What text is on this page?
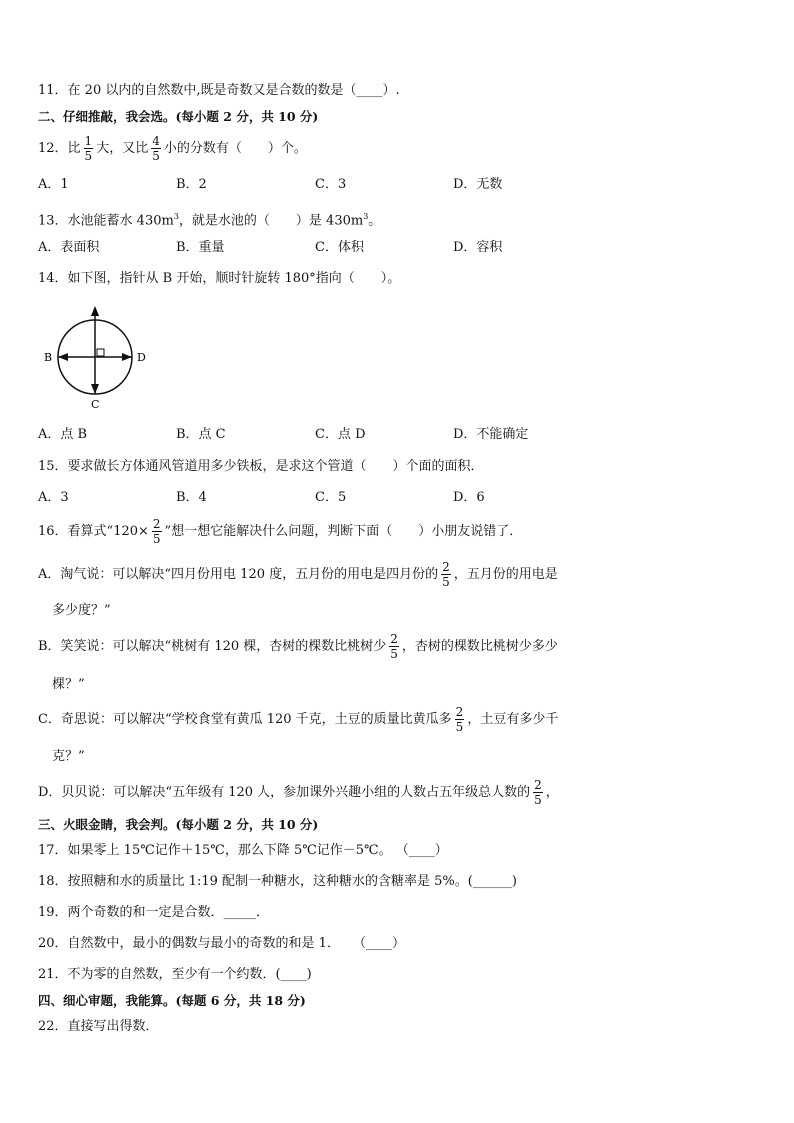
11．在 20 以内的自然数中,既是奇数又是合数的数是（____）.
二、仔细推敲，我会选。(每小题 2 分，共 10 分)
12．比 $\frac{1}{5}$ 大，又比 $\frac{4}{5}$ 小的分数有（　　）个。
A．1	B．2	C．3	D．无数
13．水池能蓄水 $430m^3$，就是水池的（　　）是 $430m^3$。
A．表面积	B．重量	C．体积	D．容积
14．如下图，指针从 B 开始，顺时针旋转 180°指向（　　）。
A
B
C
D
A．点 B	B．点 C	C．点 D	D．不能确定
15．要求做长方体通风管道用多少铁板，是求这个管道（　　）个面的面积．
A．3	B．4	C．5	D．6
16．看算式“$120\times \frac{2}{5}$ ”想一想它能解决什么问题，判断下面（　　）小朋友说错了．
A．淘气说：可以解决“四月份用电 120 度，五月份的用电是四月份的 $\frac{2}{5}$ ，五月份的用电是
多少度？”
B．笑笑说：可以解决“桃树有 120 棵，杏树的棵数比桃树少 $\frac{2}{5}$ ，杏树的棵数比桃树少多少
棵？”
C．奇思说：可以解决“学校食堂有黄瓜 120 千克，土豆的质量比黄瓜多 $\frac{2}{5}$ ，土豆有多少千
克？”
D．贝贝说：可以解决“五年级有 120 人，参加课外兴趣小组的人数占五年级总人数的 $\frac{2}{5}$ ，
三、火眼金睛，我会判。(每小题 2 分，共 10 分)
17．如果零上 15℃记作＋15℃，那么下降 5℃记作－5℃。 （____）
18．按照糖和水的质量比 1:19 配制一种糖水，这种糖水的含糖率是 5%。(______)
19．两个奇数的和一定是合数．_____．
20．自然数中，最小的偶数与最小的奇数的和是 1．　　（____）
21．不为零的自然数，至少有一个约数．(____)
四、细心审题，我能算。(每题 6 分，共 18 分)
22．直接写出得数．
